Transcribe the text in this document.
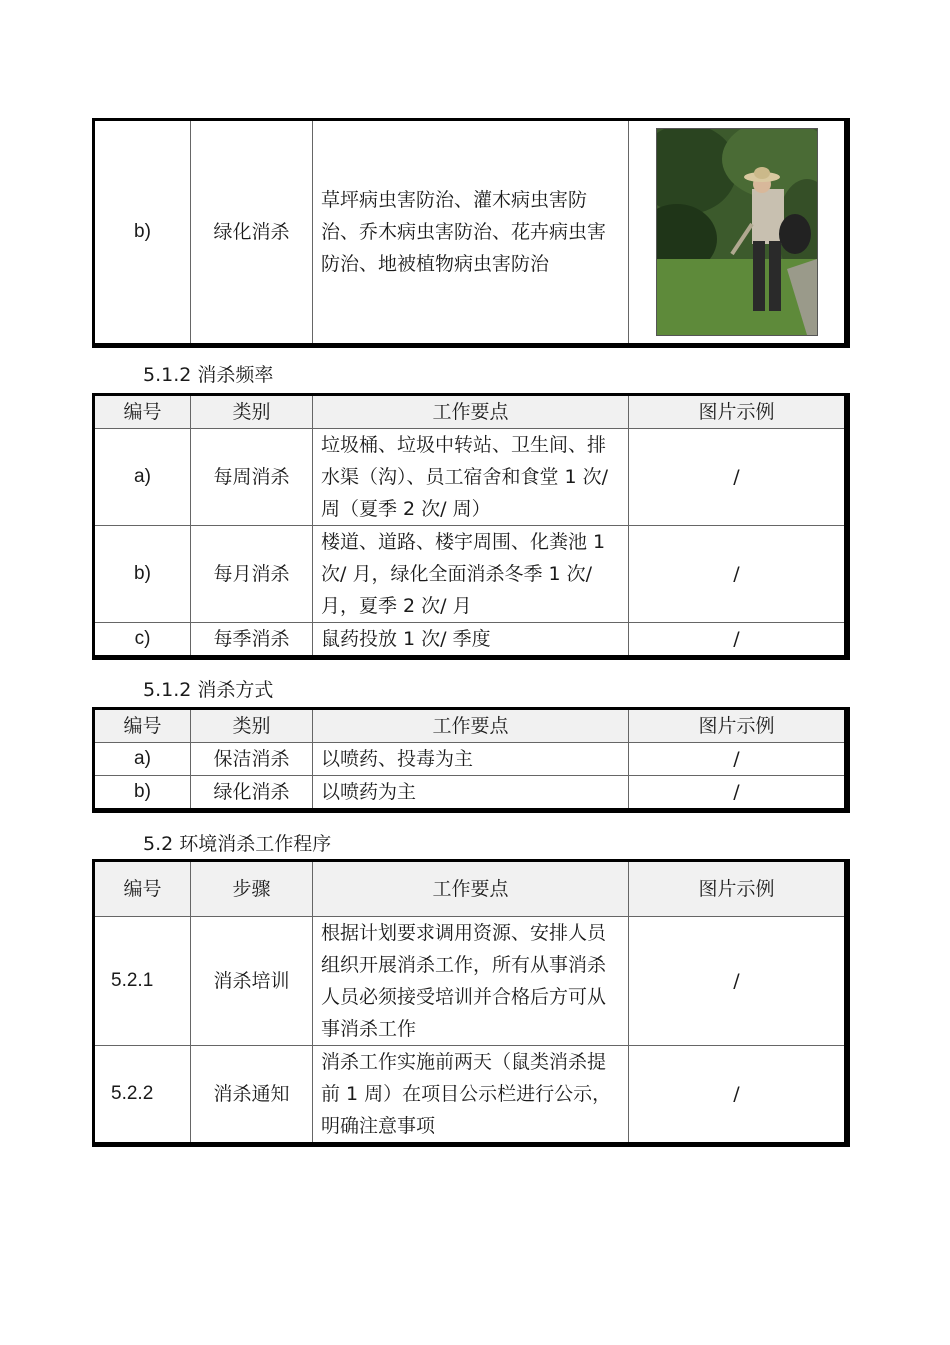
b)	绿化消杀	草坪病虫害防治、灌木病虫害防治、乔木病虫害防治、花卉病虫害防治、地被植物病虫害防治	
5.1.2 消杀频率
编号	类别	工作要点	图片示例
a)	每周消杀	垃圾桶、垃圾中转站、卫生间、排水渠（沟）、员工宿舍和食堂 1 次/ 周（夏季 2 次/ 周）	/
b)	每月消杀	楼道、道路、楼宇周围、化粪池 1 次/ 月，绿化全面消杀冬季 1 次/ 月，夏季 2 次/ 月	/
c)	每季消杀	鼠药投放 1 次/ 季度	/
5.1.2 消杀方式
编号	类别	工作要点	图片示例
a)	保洁消杀	以喷药、投毒为主	/
b)	绿化消杀	以喷药为主	/
5.2 环境消杀工作程序
编号	步骤	工作要点	图片示例
5.2.1	消杀培训	根据计划要求调用资源、安排人员组织开展消杀工作，所有从事消杀人员必须接受培训并合格后方可从事消杀工作	/
5.2.2	消杀通知	消杀工作实施前两天（鼠类消杀提前 1 周）在项目公示栏进行公示，明确注意事项	/
